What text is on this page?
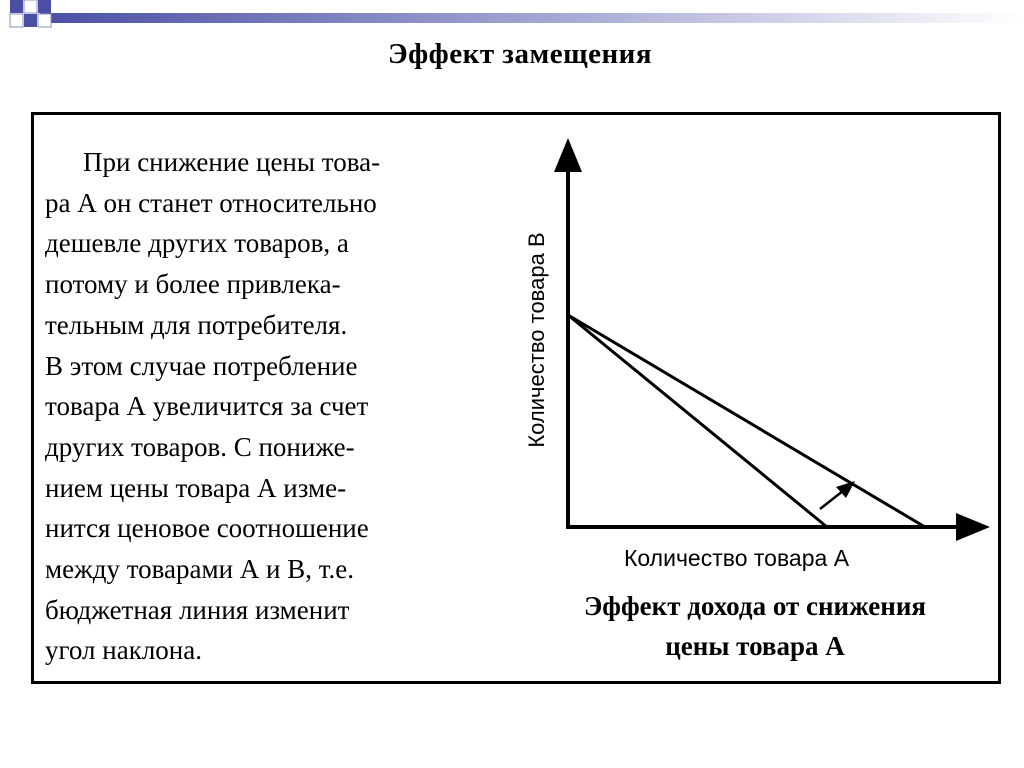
Эффект замещения
При снижение цены това-
ра А он станет относительно
дешевле других товаров, а
потому и более привлека-
тельным для потребителя.
В этом случае потребление
товара А увеличится за счет
других товаров. С пониже-
нием цены товара А изме-
нится ценовое соотношение
между товарами А и В, т.е.
бюджетная линия изменит
угол наклона.
Количество товара В
Количество товара А
Эффект дохода от снижения
цены товара А
